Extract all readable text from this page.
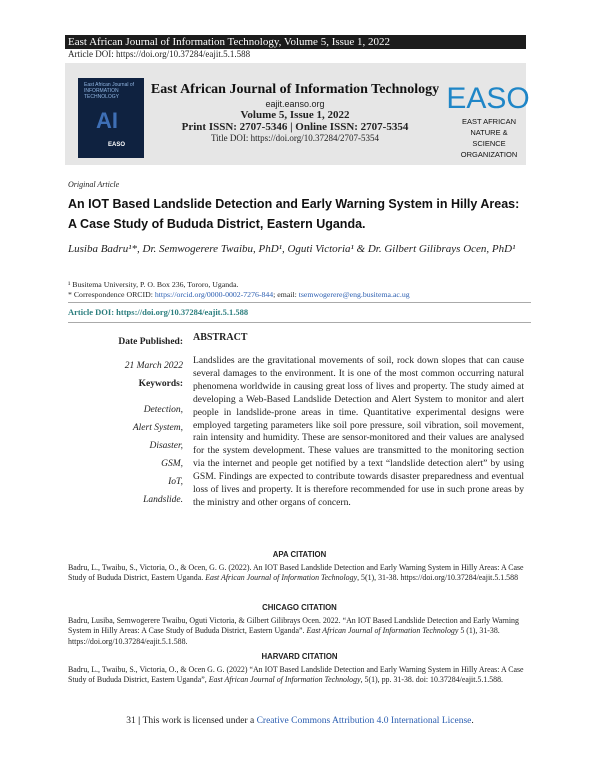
East African Journal of Information Technology, Volume 5, Issue 1, 2022
Article DOI: https://doi.org/10.37284/eajit.5.1.588
East African Journal of INFORMATION TECHNOLOGY
AI
EASO
East African Journal of Information Technology
eajit.eanso.org
Volume 5, Issue 1, 2022
Print ISSN: 2707-5346 | Online ISSN: 2707-5354
Title DOI: https://doi.org/10.37284/2707-5354
EASO
EAST AFRICAN
NATURE &
SCIENCE
ORGANIZATION
Original Article
An IOT Based Landslide Detection and Early Warning System in Hilly Areas:
A Case Study of Bududa District, Eastern Uganda.
Lusiba Badru¹*, Dr. Semwogerere Twaibu, PhD¹, Oguti Victoria¹ & Dr. Gilbert Gilibrays Ocen, PhD¹
¹ Busitema University, P. O. Box 236, Tororo, Uganda.
* Correspondence ORCID: https://orcid.org/0000-0002-7276-844; email: tsemwogerere@eng.busitema.ac.ug
Article DOI: https://doi.org/10.37284/eajit.5.1.588
Date Published:
21 March 2022
Keywords:
Detection,
Alert System,
Disaster,
GSM,
IoT,
Landslide.
ABSTRACT
Landslides are the gravitational movements of soil, rock down slopes that can cause several damages to the environment. It is one of the most common occurring natural phenomena worldwide in causing great loss of lives and property. The study aimed at developing a Web-Based Landslide Detection and Alert System to monitor and alert people in landslide-prone areas in time. Quantitative experimental designs were employed targeting parameters like soil pore pressure, soil vibration, soil movement, rain intensity and humidity. These are sensor-monitored and their values are analysed for the system development. These values are transmitted to the monitoring section via the internet and people get notified by a text “landslide detection alert” by using GSM. Findings are expected to contribute towards disaster preparedness and eventual loss of lives and property. It is therefore recommended for use in such prone areas by the ministry and other organs of concern.
APA CITATION
Badru, L., Twaibu, S., Victoria, O., & Ocen, G. G. (2022). An IOT Based Landslide Detection and Early Warning System in Hilly Areas: A Case Study of Bududa District, Eastern Uganda. East African Journal of Information Technology, 5(1), 31-38. https://doi.org/10.37284/eajit.5.1.588
CHICAGO CITATION
Badru, Lusiba, Semwogerere Twaibu, Oguti Victoria, & Gilbert Gilibrays Ocen. 2022. “An IOT Based Landslide Detection and Early Warning System in Hilly Areas: A Case Study of Bududa District, Eastern Uganda”. East African Journal of Information Technology 5 (1), 31-38. https://doi.org/10.37284/eajit.5.1.588.
HARVARD CITATION
Badru, L., Twaibu, S., Victoria, O., & Ocen G. G. (2022) “An IOT Based Landslide Detection and Early Warning System in Hilly Areas: A Case Study of Bududa District, Eastern Uganda”, East African Journal of Information Technology, 5(1), pp. 31-38. doi: 10.37284/eajit.5.1.588.
31 | This work is licensed under a Creative Commons Attribution 4.0 International License.
